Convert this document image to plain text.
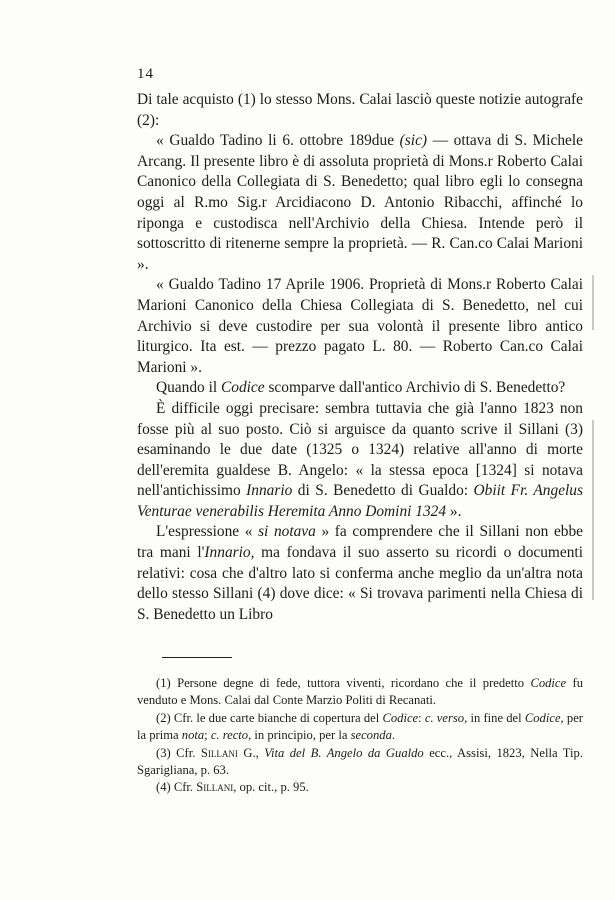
14

Di tale acquisto (1) lo stesso Mons. Calai lasciò queste notizie autografe (2):

« Gualdo Tadino li 6. ottobre 189due (sic) — ottava di S. Michele Arcang. Il presente libro è di assoluta proprietà di Mons.r Roberto Calai Canonico della Collegiata di S. Benedetto; qual libro egli lo consegna oggi al R.mo Sig.r Arcidiacono D. Antonio Ribacchi, affinché lo riponga e custodisca nell'Archivio della Chiesa. Intende però il sottoscritto di ritenerne sempre la proprietà. — R. Can.co Calai Marioni ».

« Gualdo Tadino 17 Aprile 1906. Proprietà di Mons.r Roberto Calai Marioni Canonico della Chiesa Collegiata di S. Benedetto, nel cui Archivio si deve custodire per sua volontà il presente libro antico liturgico. Ita est. — prezzo pagato L. 80. — Roberto Can.co Calai Marioni ».

Quando il Codice scomparve dall'antico Archivio di S. Benedetto?

È difficile oggi precisare: sembra tuttavia che già l'anno 1823 non fosse più al suo posto. Ciò si arguisce da quanto scrive il Sillani (3) esaminando le due date (1325 o 1324) relative all'anno di morte dell'eremita gualdese B. Angelo: « la stessa epoca [1324] si notava nell'antichissimo Innario di S. Benedetto di Gualdo: Obiit Fr. Angelus Venturae venerabilis Heremita Anno Domini 1324 ».

L'espressione « si notava » fa comprendere che il Sillani non ebbe tra mani l'Innario, ma fondava il suo asserto su ricordi o documenti relativi: cosa che d'altro lato si conferma anche meglio da un'altra nota dello stesso Sillani (4) dove dice: « Si trovava parimenti nella Chiesa di S. Benedetto un Libro

(1) Persone degne di fede, tuttora viventi, ricordano che il predetto Codice fu venduto e Mons. Calai dal Conte Marzio Politi di Recanati.

(2) Cfr. le due carte bianche di copertura del Codice: c. verso, in fine del Codice, per la prima nota; c. recto, in principio, per la seconda.

(3) Cfr. Sillani G., Vita del B. Angelo da Gualdo ecc., Assisi, 1823, Nella Tip. Sgarigliana, p. 63.

(4) Cfr. Sillani, op. cit., p. 95.
